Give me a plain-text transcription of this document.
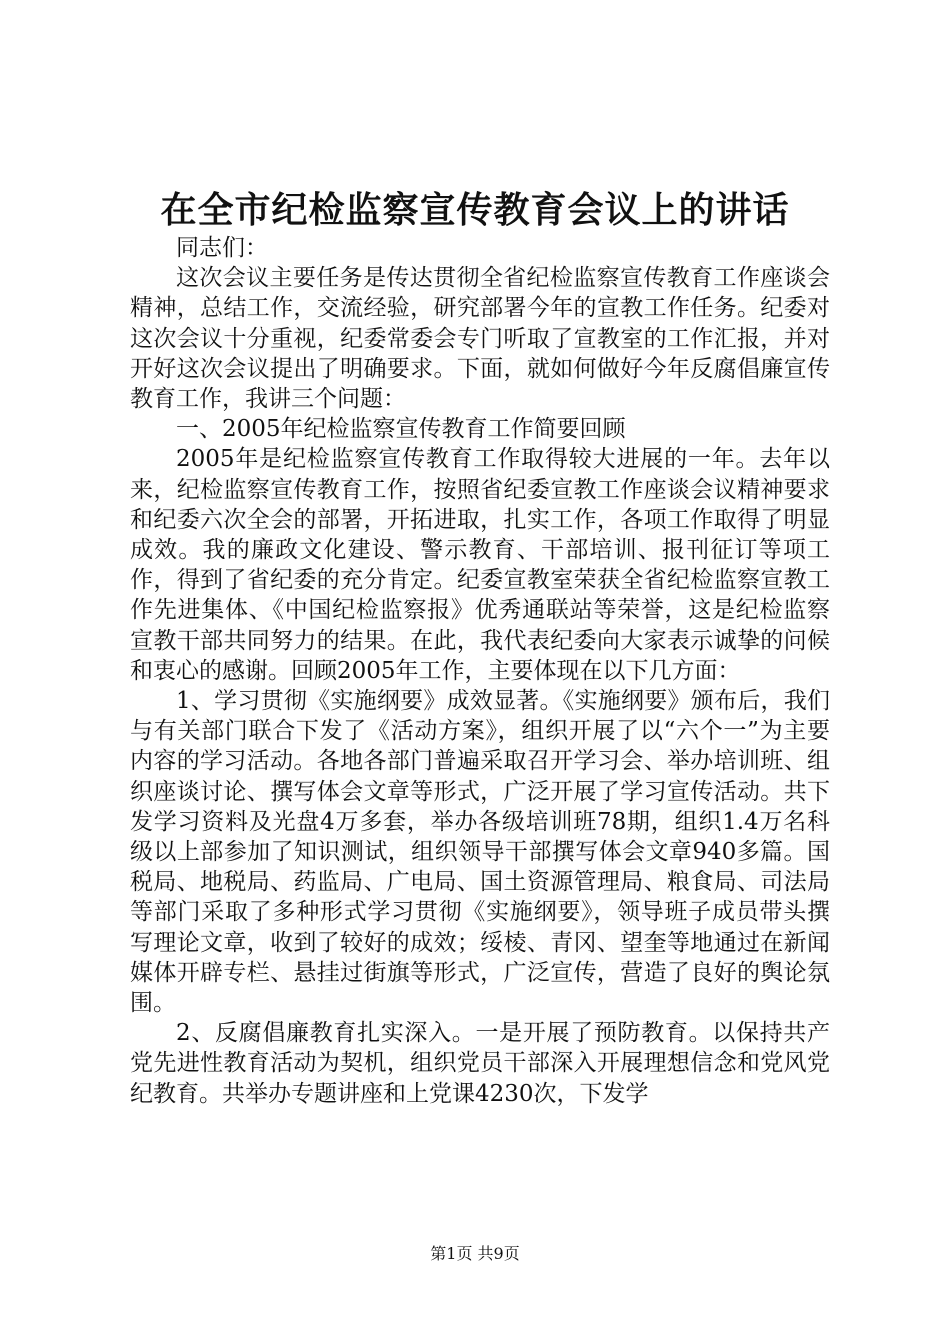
在全市纪检监察宣传教育会议上的讲话

同志们：

这次会议主要任务是传达贯彻全省纪检监察宣传教育工作座谈会精神，总结工作，交流经验，研究部署今年的宣教工作任务。纪委对这次会议十分重视，纪委常委会专门听取了宣教室的工作汇报，并对开好这次会议提出了明确要求。下面，就如何做好今年反腐倡廉宣传教育工作，我讲三个问题：

一、2005年纪检监察宣传教育工作简要回顾

2005年是纪检监察宣传教育工作取得较大进展的一年。去年以来，纪检监察宣传教育工作，按照省纪委宣教工作座谈会议精神要求和纪委六次全会的部署，开拓进取，扎实工作，各项工作取得了明显成效。我的廉政文化建设、警示教育、干部培训、报刊征订等项工作，得到了省纪委的充分肯定。纪委宣教室荣获全省纪检监察宣教工作先进集体、《中国纪检监察报》优秀通联站等荣誉，这是纪检监察宣教干部共同努力的结果。在此，我代表纪委向大家表示诚挚的问候和衷心的感谢。回顾2005年工作，主要体现在以下几方面：

1、学习贯彻《实施纲要》成效显著。《实施纲要》颁布后，我们与有关部门联合下发了《活动方案》，组织开展了以“六个一”为主要内容的学习活动。各地各部门普遍采取召开学习会、举办培训班、组织座谈讨论、撰写体会文章等形式，广泛开展了学习宣传活动。共下发学习资料及光盘4万多套，举办各级培训班78期，组织1.4万名科级以上部参加了知识测试，组织领导干部撰写体会文章940多篇。国税局、地税局、药监局、广电局、国土资源管理局、粮食局、司法局等部门采取了多种形式学习贯彻《实施纲要》，领导班子成员带头撰写理论文章，收到了较好的成效；绥棱、青冈、望奎等地通过在新闻媒体开辟专栏、悬挂过街旗等形式，广泛宣传，营造了良好的舆论氛围。

2、反腐倡廉教育扎实深入。一是开展了预防教育。以保持共产党先进性教育活动为契机，组织党员干部深入开展理想信念和党风党纪教育。共举办专题讲座和上党课4230次，下发学

第1页 共9页
